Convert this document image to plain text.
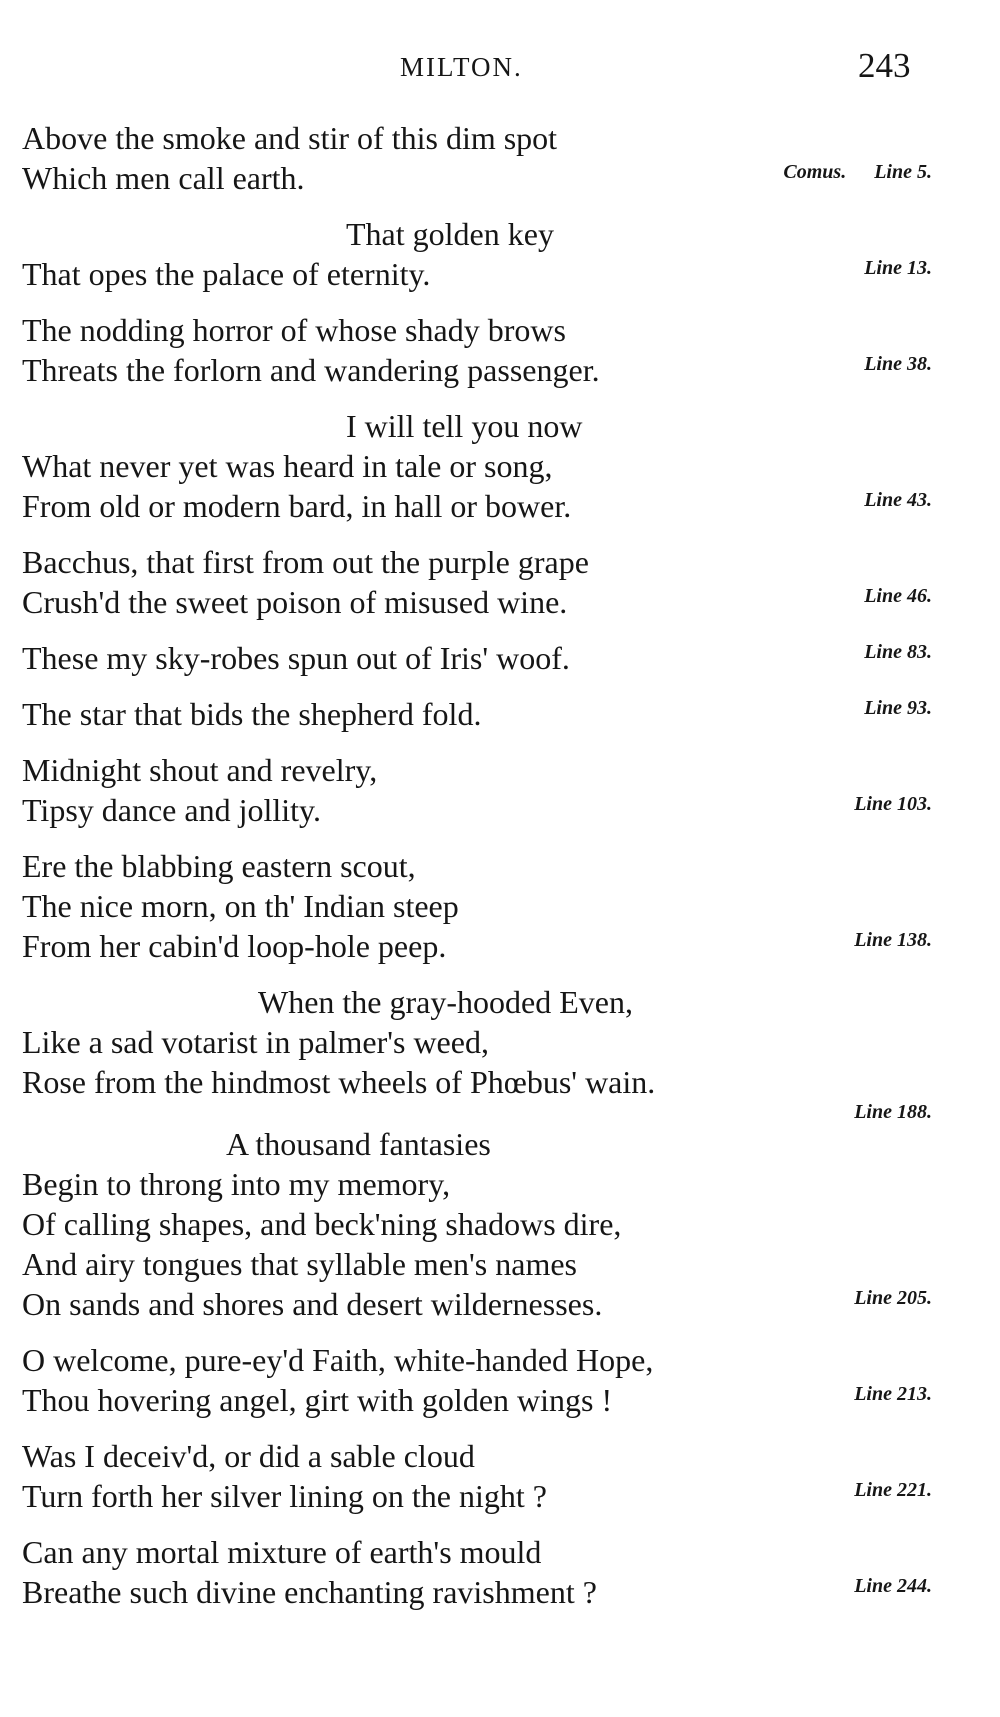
MILTON.	243
Above the smoke and stir of this dim spot
Which men call earth.	Comus. Line 5.
That golden key
That opes the palace of eternity.	Line 13.
The nodding horror of whose shady brows
Threats the forlorn and wandering passenger.	Line 38.
I will tell you now
What never yet was heard in tale or song,
From old or modern bard, in hall or bower.	Line 43.
Bacchus, that first from out the purple grape
Crush'd the sweet poison of misused wine.	Line 46.
These my sky-robes spun out of Iris' woof.	Line 83.
The star that bids the shepherd fold.	Line 93.
Midnight shout and revelry,
Tipsy dance and jollity.	Line 103.
Ere the blabbing eastern scout,
The nice morn, on th' Indian steep
From her cabin'd loop-hole peep.	Line 138.
When the gray-hooded Even,
Like a sad votarist in palmer's weed,
Rose from the hindmost wheels of Phœbus' wain.
Line 188.
A thousand fantasies
Begin to throng into my memory,
Of calling shapes, and beck'ning shadows dire,
And airy tongues that syllable men's names
On sands and shores and desert wildernesses.	Line 205.
O welcome, pure-ey'd Faith, white-handed Hope,
Thou hovering angel, girt with golden wings !	Line 213.
Was I deceiv'd, or did a sable cloud
Turn forth her silver lining on the night ?	Line 221.
Can any mortal mixture of earth's mould
Breathe such divine enchanting ravishment ?	Line 244.
